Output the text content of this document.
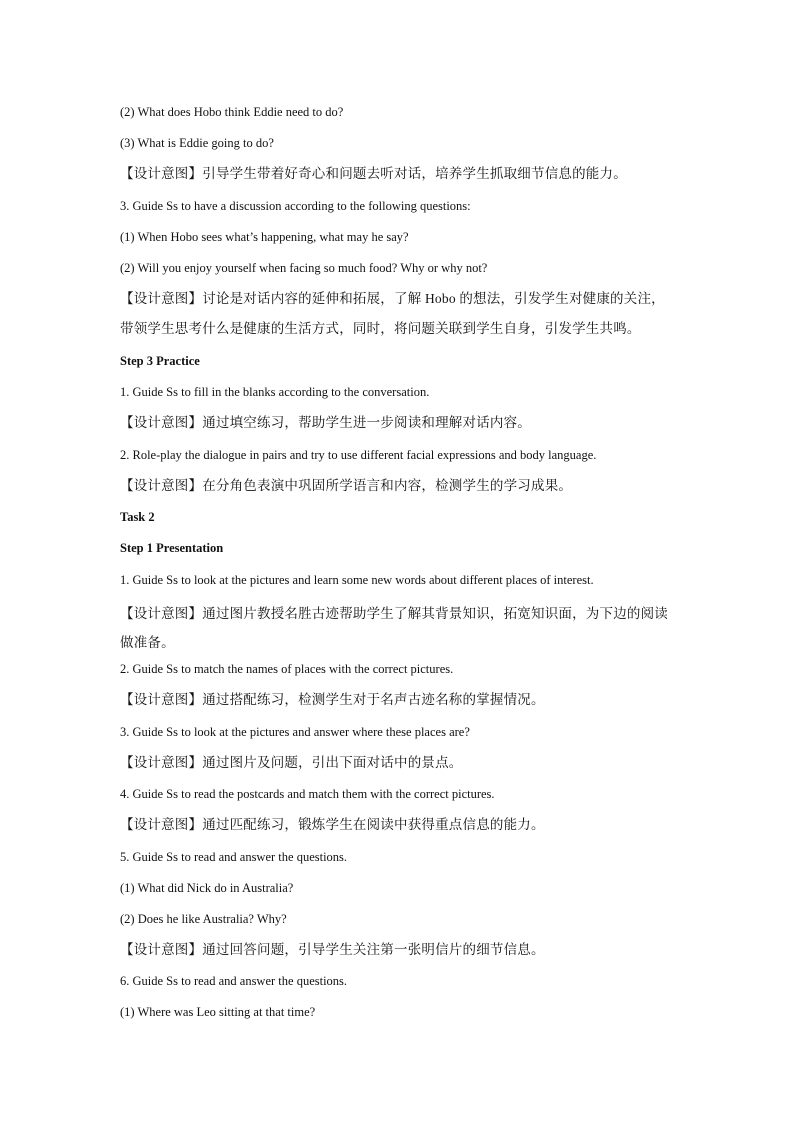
(2) What does Hobo think Eddie need to do?
(3) What is Eddie going to do?
【设计意图】引导学生带着好奇心和问题去听对话，培养学生抓取细节信息的能力。
3. Guide Ss to have a discussion according to the following questions:
(1) When Hobo sees what’s happening, what may he say?
(2) Will you enjoy yourself when facing so much food? Why or why not?
【设计意图】讨论是对话内容的延伸和拓展，了解 Hobo 的想法，引发学生对健康的关注，
带领学生思考什么是健康的生活方式，同时，将问题关联到学生自身，引发学生共鸣。
Step 3 Practice
1. Guide Ss to fill in the blanks according to the conversation.
【设计意图】通过填空练习，帮助学生进一步阅读和理解对话内容。
2. Role-play the dialogue in pairs and try to use different facial expressions and body language.
【设计意图】在分角色表演中巩固所学语言和内容，检测学生的学习成果。
Task 2
Step 1 Presentation
1. Guide Ss to look at the pictures and learn some new words about different places of interest.
【设计意图】通过图片教授名胜古迹帮助学生了解其背景知识，拓宽知识面，为下边的阅读
做准备。
2. Guide Ss to match the names of places with the correct pictures.
【设计意图】通过搭配练习，检测学生对于名声古迹名称的掌握情况。
3. Guide Ss to look at the pictures and answer where these places are?
【设计意图】通过图片及问题，引出下面对话中的景点。
4. Guide Ss to read the postcards and match them with the correct pictures.
【设计意图】通过匹配练习，锻炼学生在阅读中获得重点信息的能力。
5. Guide Ss to read and answer the questions.
(1) What did Nick do in Australia?
(2) Does he like Australia? Why?
【设计意图】通过回答问题，引导学生关注第一张明信片的细节信息。
6. Guide Ss to read and answer the questions.
(1) Where was Leo sitting at that time?
